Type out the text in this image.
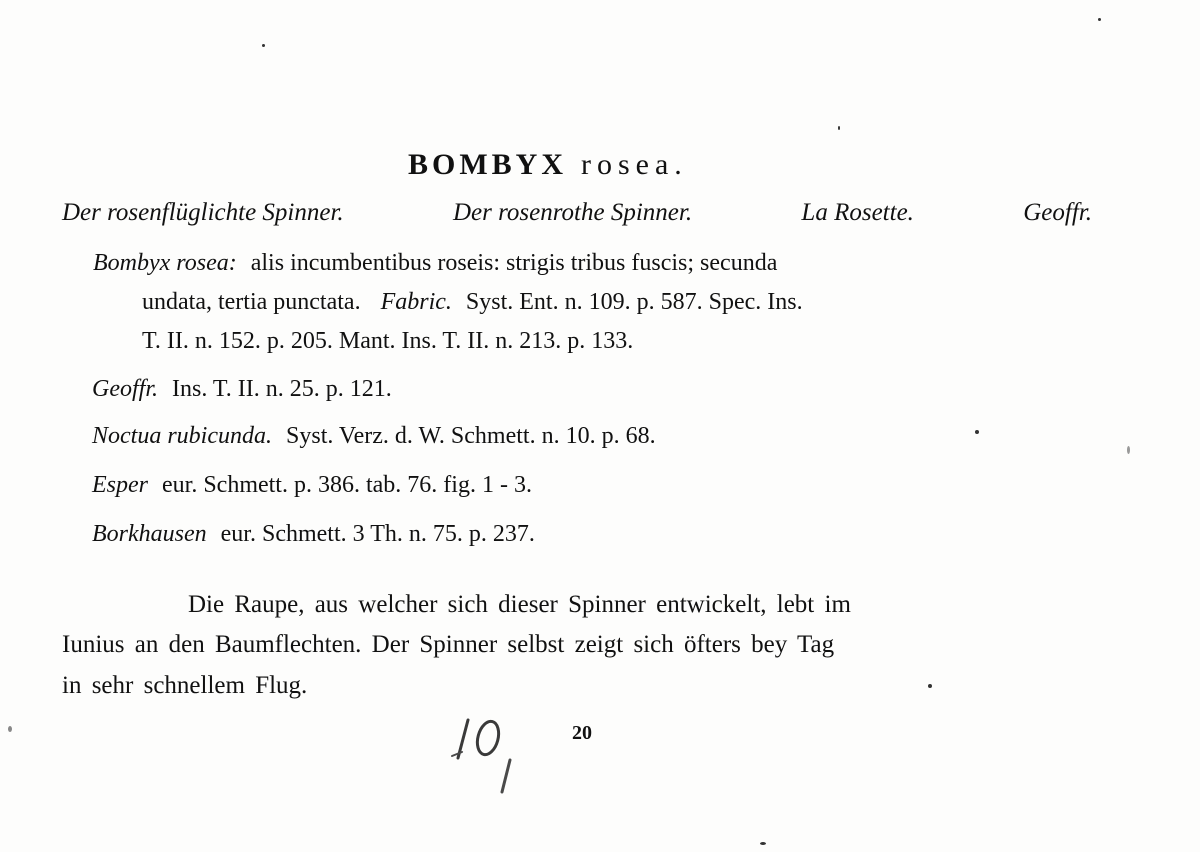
BOMBYX rosea.
Der rosenflüglichte Spinner.	Der rosenrothe Spinner.	La Rosette.	Geoffr.
Bombyx rosea: alis incumbentibus roseis: strigis tribus fuscis; secunda
undata, tertia punctata. Fabric. Syst. Ent. n. 109. p. 587. Spec. Ins.
T. II. n. 152. p. 205. Mant. Ins. T. II. n. 213. p. 133.
Geoffr. Ins. T. II. n. 25. p. 121.
Noctua rubicunda. Syst. Verz. d. W. Schmett. n. 10. p. 68.
Esper eur. Schmett. p. 386. tab. 76. fig. 1 - 3.
Borkhausen eur. Schmett. 3 Th. n. 75. p. 237.
Die Raupe, aus welcher sich dieser Spinner entwickelt, lebt im
Iunius an den Baumflechten. Der Spinner selbst zeigt sich öfters bey Tag
in sehr schnellem Flug.
20
